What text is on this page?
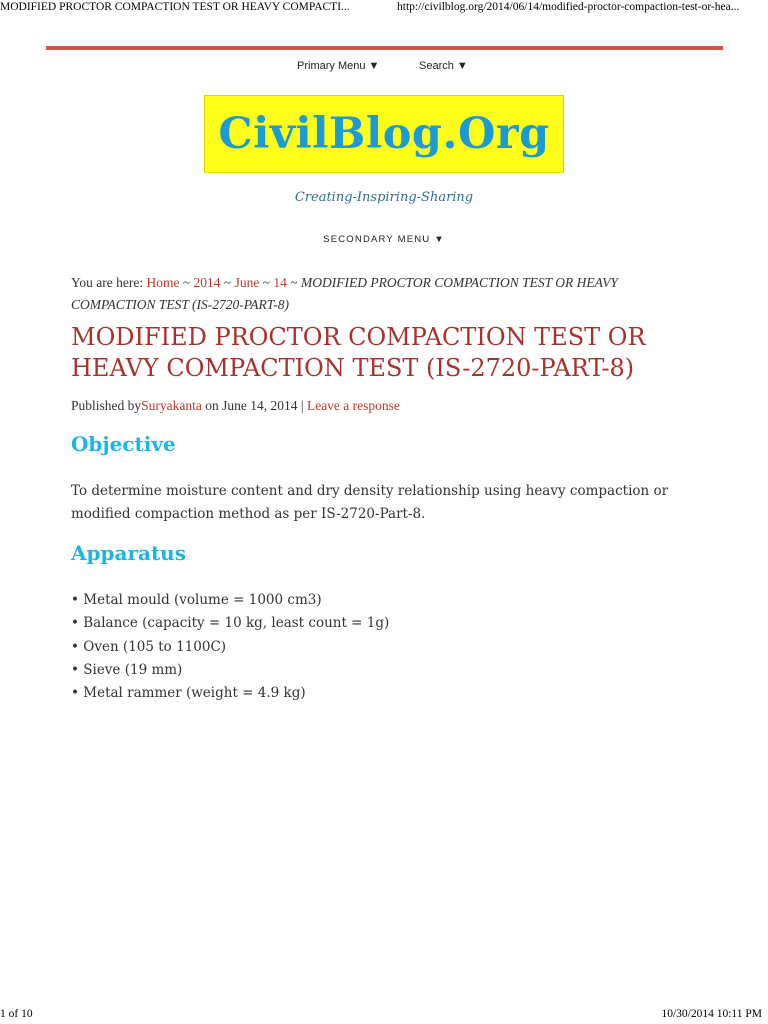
MODIFIED PROCTOR COMPACTION TEST OR HEAVY COMPACTI...	http://civilblog.org/2014/06/14/modified-proctor-compaction-test-or-hea...
Primary Menu ▼	Search ▼
CivilBlog.Org
Creating-Inspiring-Sharing
SECONDARY MENU ▼
You are here: Home ~ 2014 ~ June ~ 14 ~ MODIFIED PROCTOR COMPACTION TEST OR HEAVY COMPACTION TEST (IS-2720-PART-8)
MODIFIED PROCTOR COMPACTION TEST OR HEAVY COMPACTION TEST (IS-2720-PART-8)
Published bySuryakanta on June 14, 2014 | Leave a response
Objective

To determine moisture content and dry density relationship using heavy compaction or modified compaction method as per IS-2720-Part-8.

Apparatus
• Metal mould (volume = 1000 cm3)
• Balance (capacity = 10 kg, least count = 1g)
• Oven (105 to 1100C)
• Sieve (19 mm)
• Metal rammer (weight = 4.9 kg)
1 of 10	10/30/2014 10:11 PM
